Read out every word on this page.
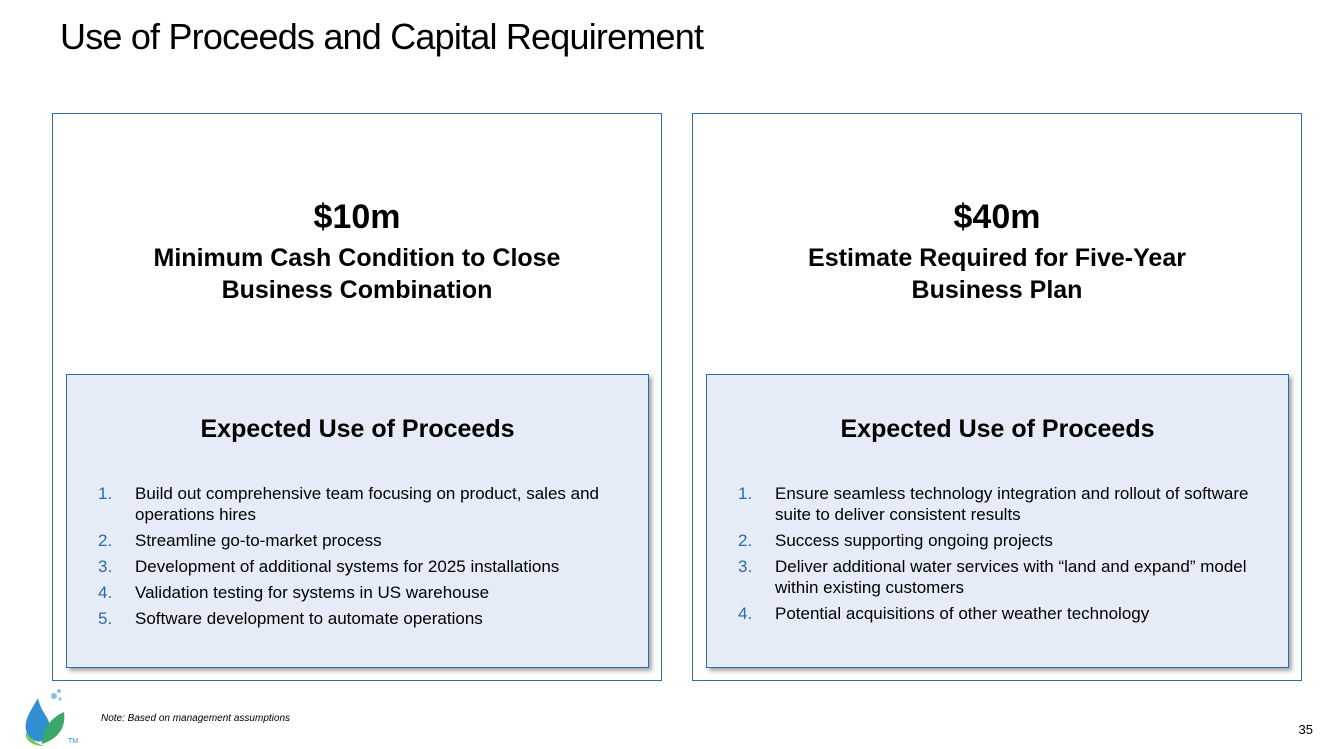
Use of Proceeds and Capital Requirement
$10m
Minimum Cash Condition to Close
Business Combination
Expected Use of Proceeds
1. Build out comprehensive team focusing on product, sales and operations hires
2. Streamline go-to-market process
3. Development of additional systems for 2025 installations
4. Validation testing for systems in US warehouse
5. Software development to automate operations
$40m
Estimate Required for Five-Year
Business Plan
Expected Use of Proceeds
1. Ensure seamless technology integration and rollout of software suite to deliver consistent results
2. Success supporting ongoing projects
3. Deliver additional water services with “land and expand” model within existing customers
4. Potential acquisitions of other weather technology
TM
Note: Based on management assumptions
35
